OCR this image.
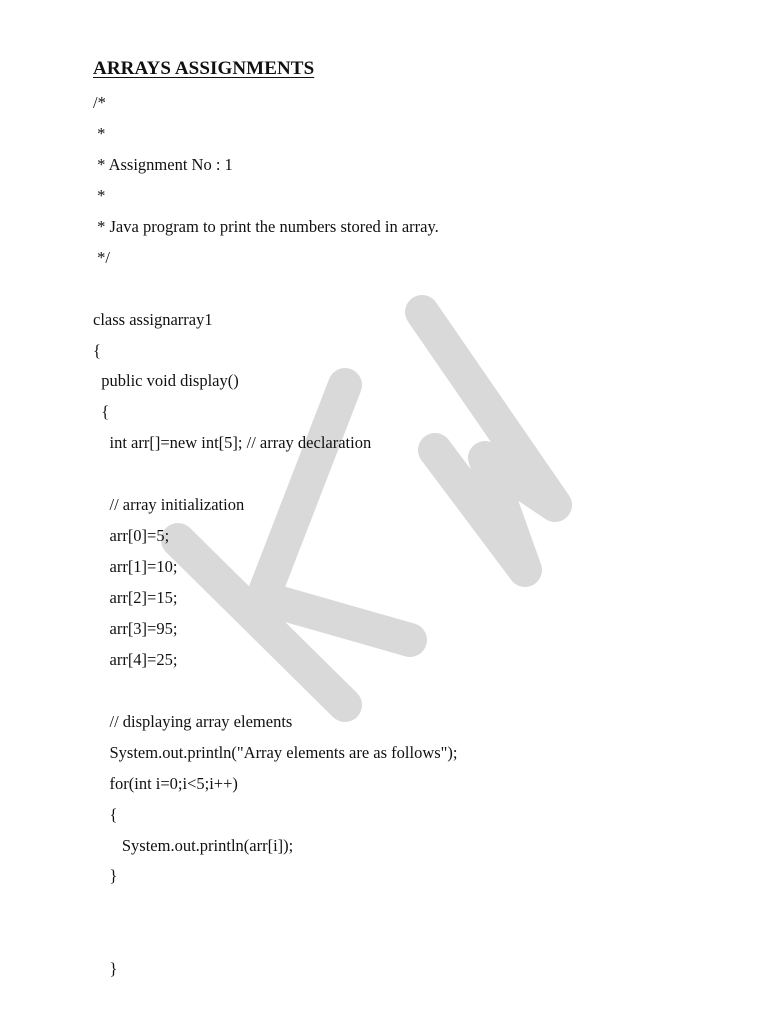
ARRAYS ASSIGNMENTS
/*
*
* Assignment No : 1
*
* Java program to print the numbers stored in array.
*/
class assignarray1
{
public void display()
{
int arr[]=new int[5]; // array declaration
// array initialization
arr[0]=5;
arr[1]=10;
arr[2]=15;
arr[3]=95;
arr[4]=25;
// displaying array elements
System.out.println("Array elements are as follows");
for(int i=0;i<5;i++)
{
System.out.println(arr[i]);
}
}
